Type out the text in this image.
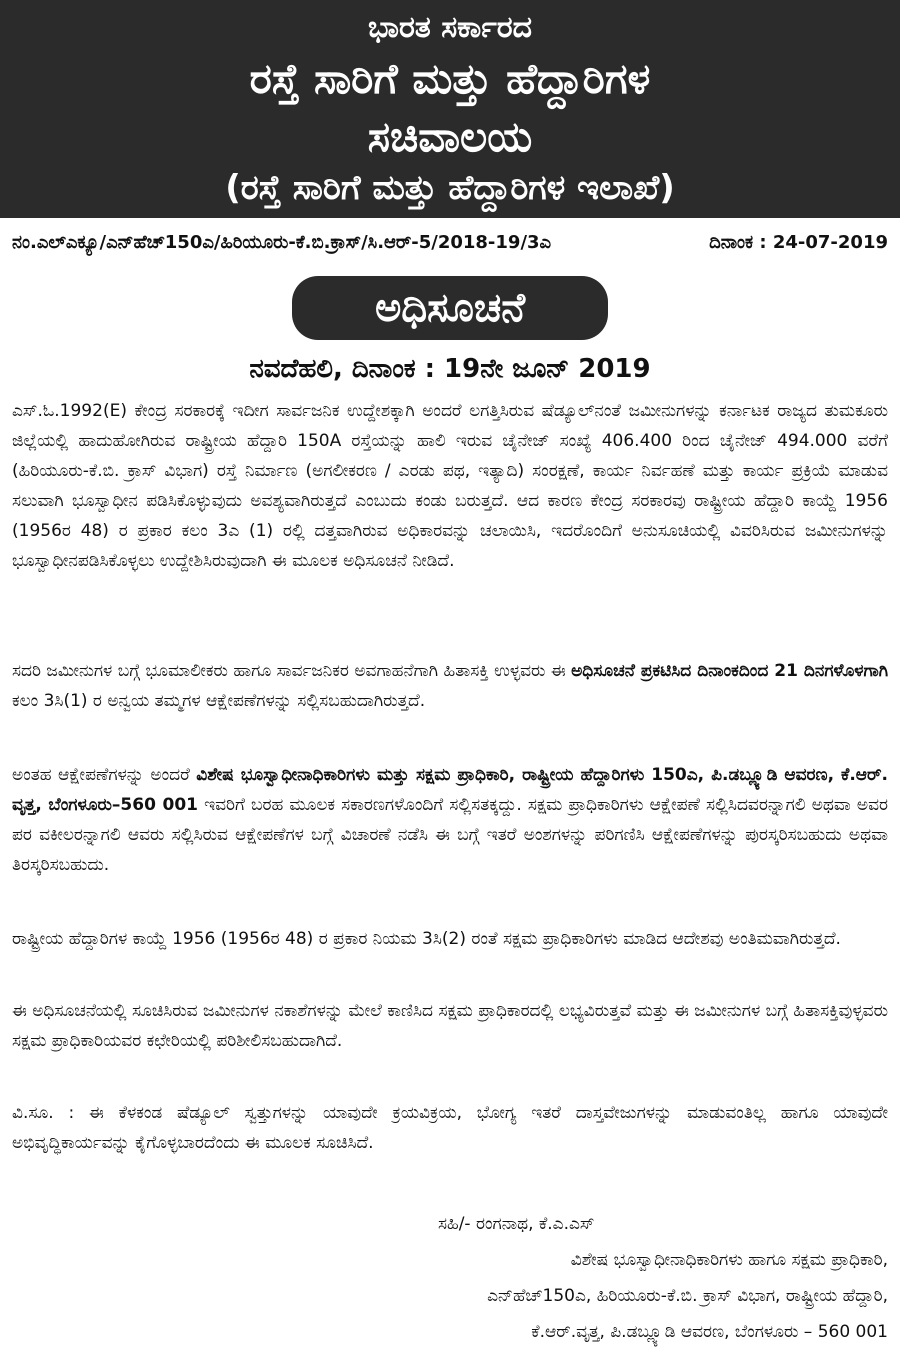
ಭಾರತ ಸರ್ಕಾರದ
ರಸ್ತೆ ಸಾರಿಗೆ ಮತ್ತು ಹೆದ್ದಾರಿಗಳ
ಸಚಿವಾಲಯ
(ರಸ್ತೆ ಸಾರಿಗೆ ಮತ್ತು ಹೆದ್ದಾರಿಗಳ ಇಲಾಖೆ)
ನಂ.ಎಲ್‌ಎಕ್ಯೂ/ಎನ್‌ಹೆಚ್150ಎ/ಹಿರಿಯೂರು-ಕೆ.ಬಿ.ಕ್ರಾಸ್/ಸಿ.ಆರ್-5/2018-19/3ಎ	ದಿನಾಂಕ : 24-07-2019
ಅಧಿಸೂಚನೆ
ನವದೆಹಲಿ, ದಿನಾಂಕ : 19ನೇ ಜೂನ್ 2019

ಎಸ್.ಓ.1992(E) ಕೇಂದ್ರ ಸರಕಾರಕ್ಕೆ ಇದೀಗ ಸಾರ್ವಜನಿಕ ಉದ್ದೇಶಕ್ಕಾಗಿ ಅಂದರೆ ಲಗತ್ತಿಸಿರುವ ಷೆಡ್ಯೂಲ್‌ನಂತೆ ಜಮೀನುಗಳನ್ನು ಕರ್ನಾಟಕ ರಾಜ್ಯದ ತುಮಕೂರು ಜಿಲ್ಲೆಯಲ್ಲಿ ಹಾದುಹೋಗಿರುವ ರಾಷ್ಟ್ರೀಯ ಹೆದ್ದಾರಿ 150A ರಸ್ತೆಯನ್ನು ಹಾಲಿ ಇರುವ ಚೈನೇಜ್ ಸಂಖ್ಯೆ 406.400 ರಿಂದ ಚೈನೇಜ್ 494.000 ವರೆಗೆ (ಹಿರಿಯೂರು-ಕೆ.ಬಿ. ಕ್ರಾಸ್ ವಿಭಾಗ) ರಸ್ತೆ ನಿರ್ಮಾಣ (ಅಗಲೀಕರಣ / ಎರಡು ಪಥ, ಇತ್ಯಾದಿ) ಸಂರಕ್ಷಣೆ, ಕಾರ್ಯ ನಿರ್ವಹಣೆ ಮತ್ತು ಕಾರ್ಯ ಪ್ರಕ್ರಿಯೆ ಮಾಡುವ ಸಲುವಾಗಿ ಭೂಸ್ವಾಧೀನ ಪಡಿಸಿಕೊಳ್ಳುವುದು ಅವಶ್ಯವಾಗಿರುತ್ತದೆ ಎಂಬುದು ಕಂಡು ಬರುತ್ತದೆ. ಆದ ಕಾರಣ ಕೇಂದ್ರ ಸರಕಾರವು ರಾಷ್ಟ್ರೀಯ ಹೆದ್ದಾರಿ ಕಾಯ್ದೆ 1956 (1956ರ 48) ರ ಪ್ರಕಾರ ಕಲಂ 3ಎ (1) ರಲ್ಲಿ ದತ್ತವಾಗಿರುವ ಅಧಿಕಾರವನ್ನು ಚಲಾಯಿಸಿ, ಇದರೊಂದಿಗೆ ಅನುಸೂಚಿಯಲ್ಲಿ ವಿವರಿಸಿರುವ ಜಮೀನುಗಳನ್ನು ಭೂಸ್ವಾಧೀನಪಡಿಸಿಕೊಳ್ಳಲು ಉದ್ದೇಶಿಸಿರುವುದಾಗಿ ಈ ಮೂಲಕ ಅಧಿಸೂಚನೆ ನೀಡಿದೆ.

ಸದರಿ ಜಮೀನುಗಳ ಬಗ್ಗೆ ಭೂಮಾಲೀಕರು ಹಾಗೂ ಸಾರ್ವಜನಿಕರ ಅವಗಾಹನೆಗಾಗಿ ಹಿತಾಸಕ್ತಿ ಉಳ್ಳವರು ಈ ಅಧಿಸೂಚನೆ ಪ್ರಕಟಿಸಿದ ದಿನಾಂಕದಿಂದ 21 ದಿನಗಳೊಳಗಾಗಿ ಕಲಂ 3ಸಿ(1) ರ ಅನ್ವಯ ತಮ್ಮಗಳ ಆಕ್ಷೇಪಣೆಗಳನ್ನು ಸಲ್ಲಿಸಬಹುದಾಗಿರುತ್ತದೆ.

ಅಂತಹ ಆಕ್ಷೇಪಣೆಗಳನ್ನು ಅಂದರೆ ವಿಶೇಷ ಭೂಸ್ವಾಧೀನಾಧಿಕಾರಿಗಳು ಮತ್ತು ಸಕ್ಷಮ ಪ್ರಾಧಿಕಾರಿ, ರಾಷ್ಟ್ರೀಯ ಹೆದ್ದಾರಿಗಳು 150ಎ, ಪಿ.ಡಬ್ಲ್ಯೂಡಿ ಆವರಣ, ಕೆ.ಆರ್. ವೃತ್ತ, ಬೆಂಗಳೂರು–560 001 ಇವರಿಗೆ ಬರಹ ಮೂಲಕ ಸಕಾರಣಗಳೊಂದಿಗೆ ಸಲ್ಲಿಸತಕ್ಕದ್ದು. ಸಕ್ಷಮ ಪ್ರಾಧಿಕಾರಿಗಳು ಆಕ್ಷೇಪಣೆ ಸಲ್ಲಿಸಿದವರನ್ನಾಗಲಿ ಅಥವಾ ಅವರ ಪರ ವಕೀಲರನ್ನಾಗಲಿ ಆವರು ಸಲ್ಲಿಸಿರುವ ಆಕ್ಷೇಪಣೆಗಳ ಬಗ್ಗೆ ವಿಚಾರಣೆ ನಡೆಸಿ ಈ ಬಗ್ಗೆ ಇತರೆ ಅಂಶಗಳನ್ನು ಪರಿಗಣಿಸಿ ಆಕ್ಷೇಪಣೆಗಳನ್ನು ಪುರಸ್ಕರಿಸಬಹುದು ಅಥವಾ ತಿರಸ್ಕರಿಸಬಹುದು.

ರಾಷ್ಟ್ರೀಯ ಹೆದ್ದಾರಿಗಳ ಕಾಯ್ದೆ 1956 (1956ರ 48) ರ ಪ್ರಕಾರ ನಿಯಮ 3ಸಿ(2) ರಂತೆ ಸಕ್ಷಮ ಪ್ರಾಧಿಕಾರಿಗಳು ಮಾಡಿದ ಆದೇಶವು ಅಂತಿಮವಾಗಿರುತ್ತದೆ.

ಈ ಅಧಿಸೂಚನೆಯಲ್ಲಿ ಸೂಚಿಸಿರುವ ಜಮೀನುಗಳ ನಕಾಶೆಗಳನ್ನು ಮೇಲೆ ಕಾಣಿಸಿದ ಸಕ್ಷಮ ಪ್ರಾಧಿಕಾರದಲ್ಲಿ ಲಭ್ಯವಿರುತ್ತವೆ ಮತ್ತು ಈ ಜಮೀನುಗಳ ಬಗ್ಗೆ ಹಿತಾಸಕ್ತಿವುಳ್ಳವರು ಸಕ್ಷಮ ಪ್ರಾಧಿಕಾರಿಯವರ ಕಛೇರಿಯಲ್ಲಿ ಪರಿಶೀಲಿಸಬಹುದಾಗಿದೆ.

ವಿ.ಸೂ. : ಈ ಕೆಳಕಂಡ ಷೆಡ್ಯೂಲ್ ಸ್ವತ್ತುಗಳನ್ನು ಯಾವುದೇ ಕ್ರಯವಿಕ್ರಯ, ಭೋಗ್ಯ ಇತರೆ ದಾಸ್ತವೇಜುಗಳನ್ನು ಮಾಡುವಂತಿಲ್ಲ ಹಾಗೂ ಯಾವುದೇ ಅಭಿವೃದ್ಧಿಕಾರ್ಯವನ್ನು ಕೈಗೊಳ್ಳಬಾರದೆಂದು ಈ ಮೂಲಕ ಸೂಚಿಸಿದೆ.

ಸಹಿ/- ರಂಗನಾಥ, ಕೆ.ಎ.ಎಸ್
ವಿಶೇಷ ಭೂಸ್ವಾಧೀನಾಧಿಕಾರಿಗಳು ಹಾಗೂ ಸಕ್ಷಮ ಪ್ರಾಧಿಕಾರಿ,
ಎನ್‌ಹೆಚ್150ಎ, ಹಿರಿಯೂರು-ಕೆ.ಬಿ. ಕ್ರಾಸ್ ವಿಭಾಗ, ರಾಷ್ಟ್ರೀಯ ಹೆದ್ದಾರಿ,
ಕೆ.ಆರ್.ವೃತ್ತ, ಪಿ.ಡಬ್ಲ್ಯೂಡಿ ಆವರಣ, ಬೆಂಗಳೂರು – 560 001
